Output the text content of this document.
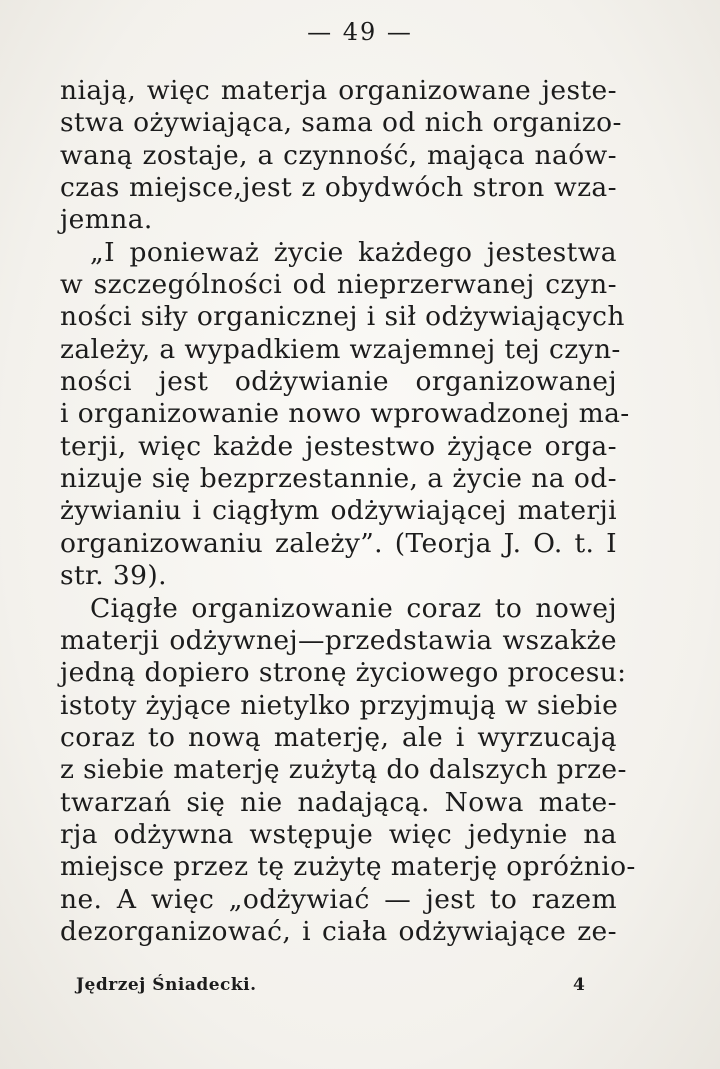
— 49 —
niają, więc materja organizowane jeste-
stwa ożywiająca, sama od nich organizo-
waną zostaje, a czynność, mająca naów-
czas miejsce,jest z obydwóch stron wza-
jemna.
„I ponieważ życie każdego jestestwa
w szczególności od nieprzerwanej czyn-
ności siły organicznej i sił odżywiających
zależy, a wypadkiem wzajemnej tej czyn-
ności jest odżywianie organizowanej
i organizowanie nowo wprowadzonej ma-
terji, więc każde jestestwo żyjące orga-
nizuje się bezprzestannie, a życie na od-
żywianiu i ciągłym odżywiającej materji
organizowaniu zależy”. (Teorja J. O. t. I
str. 39).
Ciągłe organizowanie coraz to nowej
materji odżywnej—przedstawia wszakże
jedną dopiero stronę życiowego procesu:
istoty żyjące nietylko przyjmują w siebie
coraz to nową materję, ale i wyrzucają
z siebie materję zużytą do dalszych prze-
twarzań się nie nadającą. Nowa mate-
rja odżywna wstępuje więc jedynie na
miejsce przez tę zużytę materję opróżnio-
ne. A więc „odżywiać — jest to razem
dezorganizować, i ciała odżywiające ze-
Jędrzej Śniadecki.	4
